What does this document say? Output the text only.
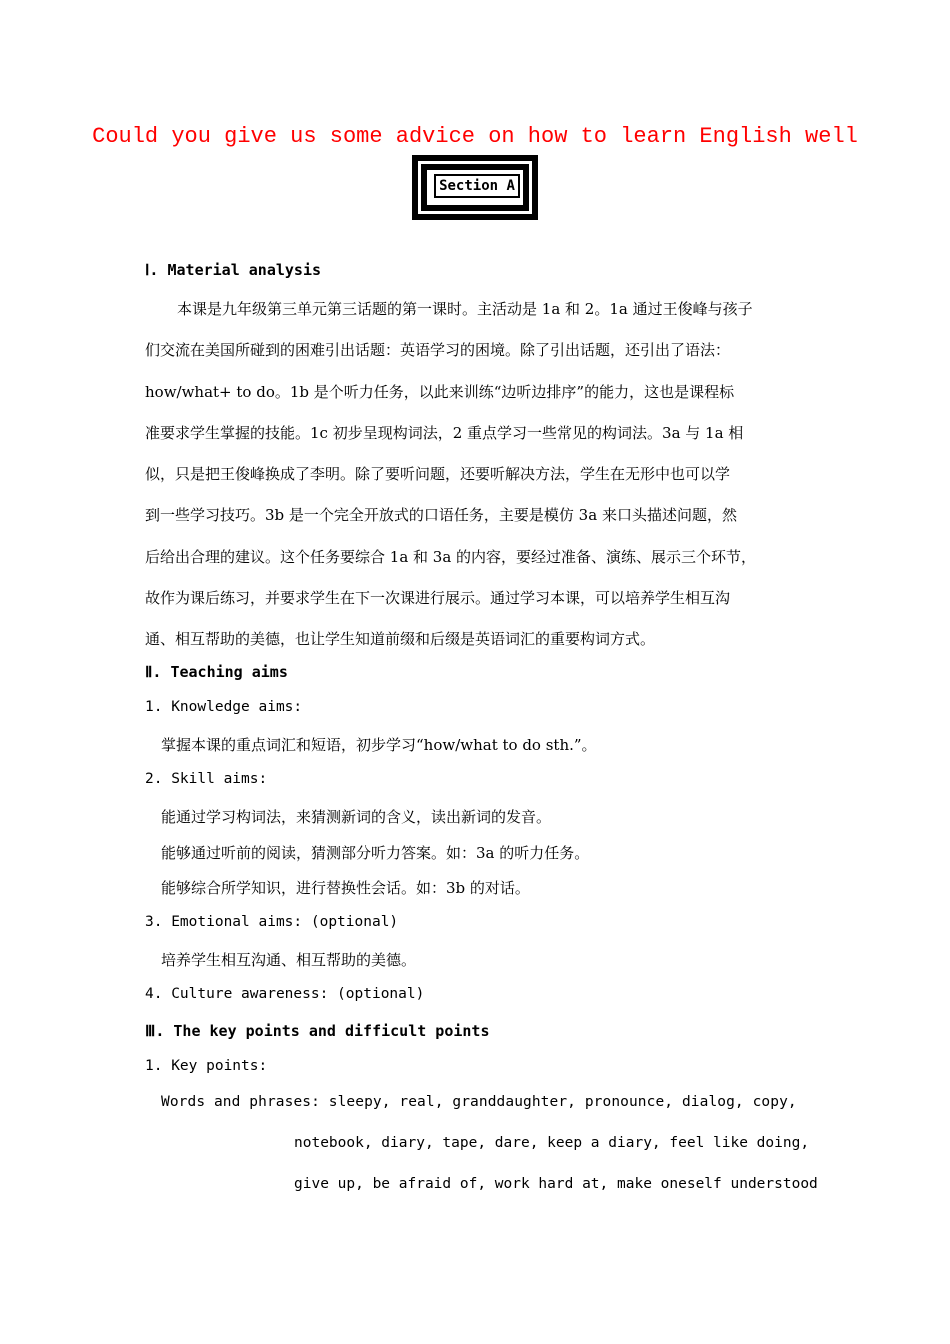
Could you give us some advice on how to learn English well
Section A
Ⅰ. Material analysis
本课是九年级第三单元第三话题的第一课时。主活动是 1a 和 2。1a 通过王俊峰与孩子
们交流在美国所碰到的困难引出话题：英语学习的困境。除了引出话题，还引出了语法：
how/what+ to do。1b 是个听力任务，以此来训练“边听边排序”的能力，这也是课程标
准要求学生掌握的技能。1c 初步呈现构词法，2 重点学习一些常见的构词法。3a 与 1a 相
似，只是把王俊峰换成了李明。除了要听问题，还要听解决方法，学生在无形中也可以学
到一些学习技巧。3b 是一个完全开放式的口语任务，主要是模仿 3a 来口头描述问题，然
后给出合理的建议。这个任务要综合 1a 和 3a 的内容，要经过准备、演练、展示三个环节，
故作为课后练习，并要求学生在下一次课进行展示。通过学习本课，可以培养学生相互沟
通、相互帮助的美德，也让学生知道前缀和后缀是英语词汇的重要构词方式。
Ⅱ. Teaching aims
1. Knowledge aims:
掌握本课的重点词汇和短语，初步学习“how/what to do sth.”。
2. Skill aims:
能通过学习构词法，来猜测新词的含义，读出新词的发音。
能够通过听前的阅读，猜测部分听力答案。如：3a 的听力任务。
能够综合所学知识，进行替换性会话。如：3b 的对话。
3. Emotional aims: (optional)
培养学生相互沟通、相互帮助的美德。
4. Culture awareness: (optional)
Ⅲ. The key points and difficult points
1. Key points:
Words and phrases: sleepy, real, granddaughter, pronounce, dialog, copy,
notebook, diary, tape, dare, keep a diary, feel like doing,
give up, be afraid of, work hard at, make oneself understood
